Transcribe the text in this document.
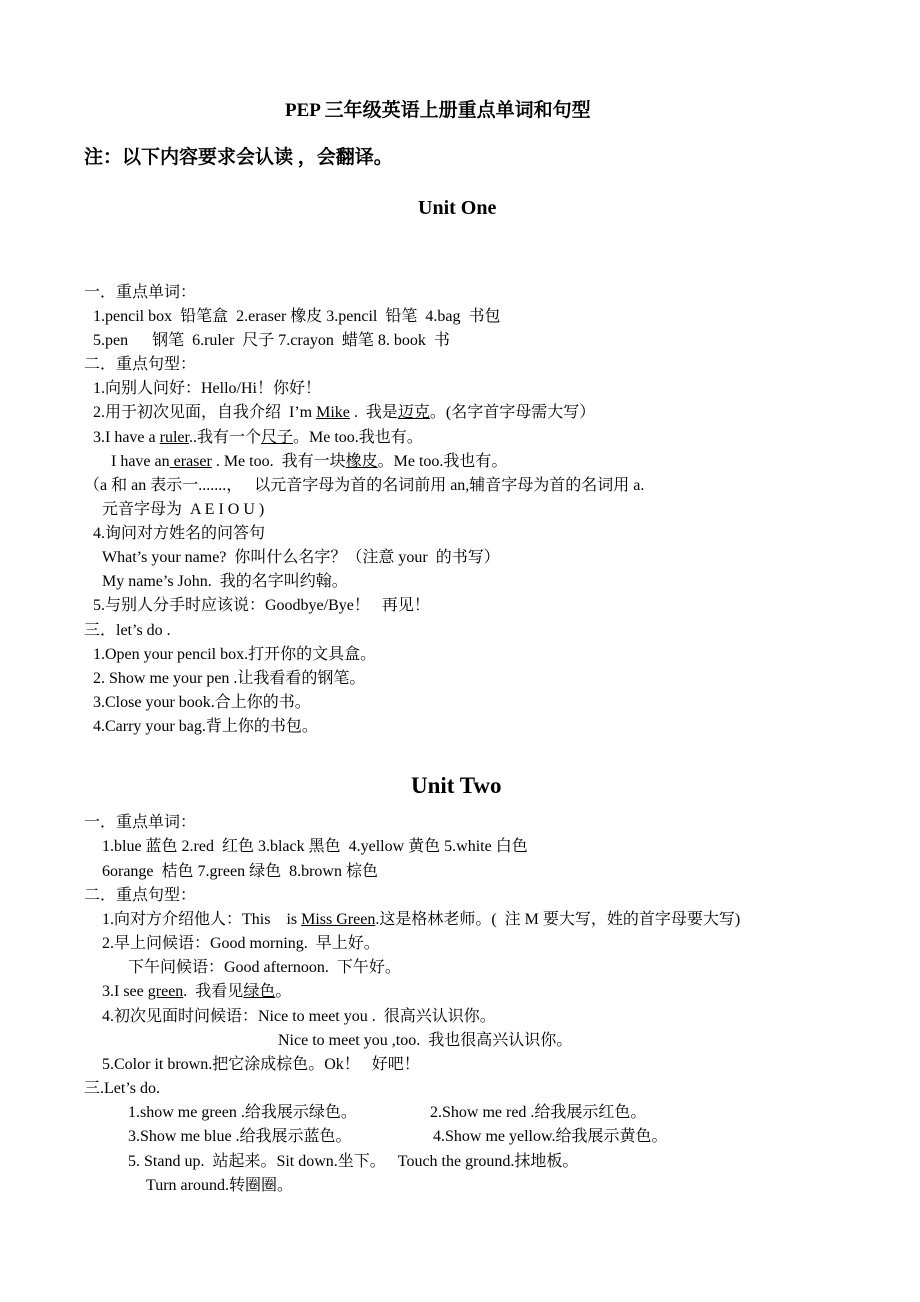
PEP 三年级英语上册重点单词和句型
注：以下内容要求会认读 ，会翻译。
Unit One
一．重点单词：
1.pencil box  铅笔盒  2.eraser 橡皮 3.pencil  铅笔  4.bag  书包
5.pen      钢笔  6.ruler  尺子 7.crayon  蜡笔 8. book  书
二．重点句型：
1.向别人问好：Hello/Hi！你好！
2.用于初次见面，自我介绍  I’m Mike .  我是迈克。(名字首字母需大写）
3.I have a ruler..我有一个尺子。Me too.我也有。
I have an eraser . Me too.  我有一块橡皮。Me too.我也有。
（a 和 an 表示一.......，   以元音字母为首的名词前用 an,辅音字母为首的名词用 a.
元音字母为  A E I O U )
4.询问对方姓名的问答句
What’s your name?  你叫什么名字？（注意 your  的书写）
My name’s John.  我的名字叫约翰。
5.与别人分手时应该说：Goodbye/Bye！   再见！
三．let’s do .
1.Open your pencil box.打开你的文具盒。
2. Show me your pen .让我看看的钢笔。
3.Close your book.合上你的书。
4.Carry your bag.背上你的书包。
Unit Two
一．重点单词：
1.blue 蓝色 2.red  红色 3.black 黑色  4.yellow 黄色 5.white 白色
6orange  桔色 7.green 绿色  8.brown 棕色
二．重点句型：
1.向对方介绍他人：This    is Miss Green.这是格林老师。(  注 M 要大写，姓的首字母要大写)
2.早上问候语：Good morning.  早上好。
下午问候语：Good afternoon.  下午好。
3.I see green.  我看见绿色。
4.初次见面时问候语：Nice to meet you .  很高兴认识你。
Nice to meet you ,too.  我也很高兴认识你。
5.Color it brown.把它涂成棕色。Ok！   好吧！
三.Let’s do.
1.show me green .给我展示绿色。	2.Show me red .给我展示红色。
3.Show me blue .给我展示蓝色。	4.Show me yellow.给我展示黄色。
5. Stand up.  站起来。Sit down.坐下。   Touch the ground.抹地板。
Turn around.转圈圈。
